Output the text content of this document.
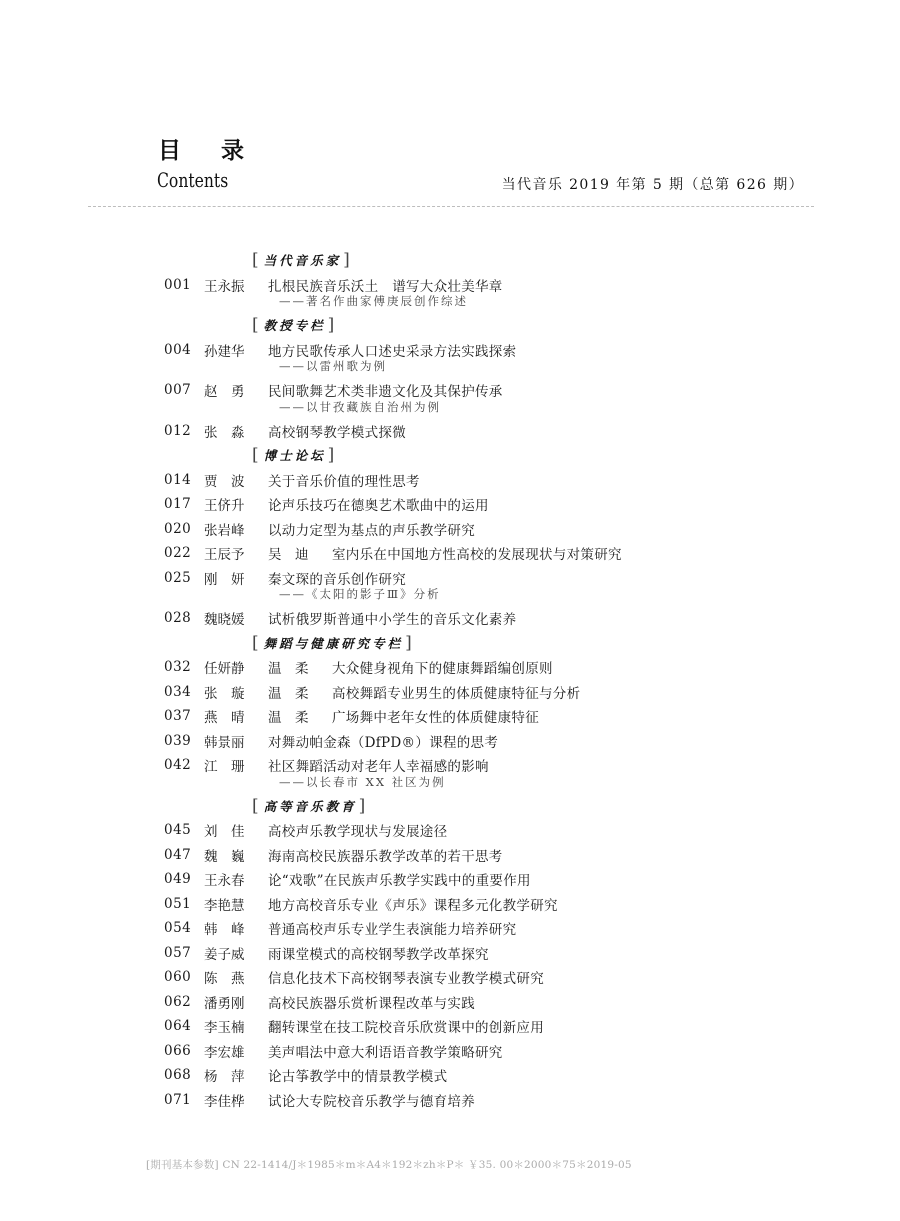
目 录
Contents	当代音乐 2019 年第 5 期（总第 626 期）
[ 当代音乐家 ]
001 王永振	扎根民族音乐沃土　谱写大众壮美华章
——著名作曲家傅庚辰创作综述
[ 教授专栏 ]
004 孙建华	地方民歌传承人口述史采录方法实践探索
——以雷州歌为例
007 赵　勇	民间歌舞艺术类非遗文化及其保护传承
——以甘孜藏族自治州为例
012 张　淼	高校钢琴教学模式探微
[ 博士论坛 ]
014 贾　波	关于音乐价值的理性思考
017 王侪升	论声乐技巧在德奥艺术歌曲中的运用
020 张岩峰	以动力定型为基点的声乐教学研究
022 王辰予 吴　迪	室内乐在中国地方性高校的发展现状与对策研究
025 刚　妍	秦文琛的音乐创作研究
——《太阳的影子Ⅲ》分析
028 魏晓媛	试析俄罗斯普通中小学生的音乐文化素养
[ 舞蹈与健康研究专栏 ]
032 任妍静 温　柔	大众健身视角下的健康舞蹈编创原则
034 张　璇 温　柔	高校舞蹈专业男生的体质健康特征与分析
037 燕　晴 温　柔	广场舞中老年女性的体质健康特征
039 韩景丽	对舞动帕金森（DfPD®）课程的思考
042 江　珊	社区舞蹈活动对老年人幸福感的影响
——以长春市 XX 社区为例
[ 高等音乐教育 ]
045 刘　佳	高校声乐教学现状与发展途径
047 魏　巍	海南高校民族器乐教学改革的若干思考
049 王永春	论“戏歌”在民族声乐教学实践中的重要作用
051 李艳慧	地方高校音乐专业《声乐》课程多元化教学研究
054 韩　峰	普通高校声乐专业学生表演能力培养研究
057 姜子威	雨课堂模式的高校钢琴教学改革探究
060 陈　燕	信息化技术下高校钢琴表演专业教学模式研究
062 潘勇刚	高校民族器乐赏析课程改革与实践
064 李玉楠	翻转课堂在技工院校音乐欣赏课中的创新应用
066 李宏雄	美声唱法中意大利语语音教学策略研究
068 杨　萍	论古筝教学中的情景教学模式
071 李佳桦	试论大专院校音乐教学与德育培养
[期刊基本参数] CN 22-1414/J＊1985＊m＊A4＊192＊zh＊P＊ ￥35. 00＊2000＊75＊2019-05
